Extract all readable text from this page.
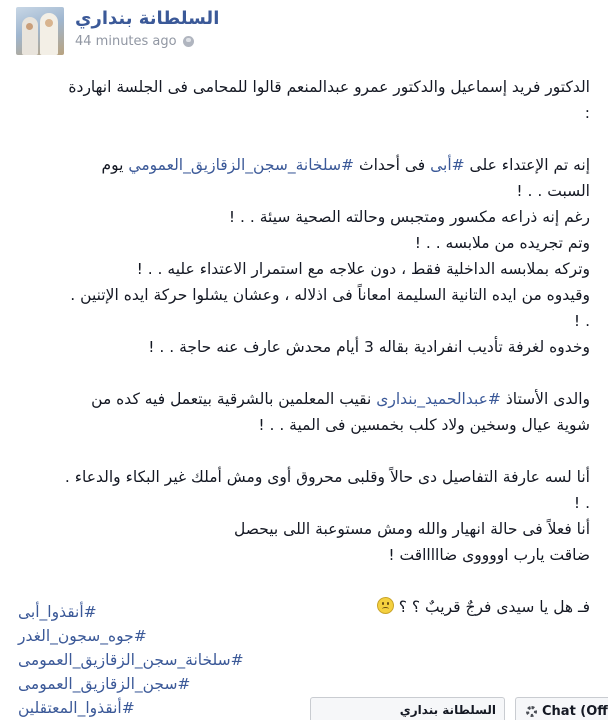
السلطانة بنداري
44 minutes ago
الدكتور فريد إسماعيل والدكتور عمرو عبدالمنعم قالوا للمحامى فى الجلسة انهاردة
:
إنه تم الإعتداء على #أبى فى أحداث #سلخانة_سجن_الزقازيق_العمومي يوم
السبت . . !
رغم إنه ذراعه مكسور ومتجبس وحالته الصحية سيئة . . !
وتم تجريده من ملابسه . . !
وتركه بملابسه الداخلية فقط ، دون علاجه مع استمرار الاعتداء عليه . . !
وقيدوه من ايده التانية السليمة امعاناً فى اذلاله ، وعشان يشلوا حركة ايده الإتنين .
. !
وخدوه لغرفة تأديب انفرادية بقاله 3 أيام محدش عارف عنه حاجة . . !
والدى الأستاذ #عبدالحميد_بندارى نقيب المعلمين بالشرقية بيتعمل فيه كده من
شوية عيال وسخين ولاد كلب بخمسين فى المية . . !
أنا لسه عارفة التفاصيل دى حالاً وقلبى محروق أوى ومش أملك غير البكاء والدعاء .
. !
أنا فعلاً فى حالة انهيار والله ومش مستوعبة اللى بيحصل
ضاقت يارب اووووى ضاااااقت !
فـ هل يا سيدى فرجٌ قريبٌ ؟ ؟
#أنقذوا_أبى
#جوه_سجون_الغدر
#سلخانة_سجن_الزقازيق_العمومى
#سجن_الزقازيق_العمومى
#أنقذوا_المعتقلين	السلطانة بنداري	Chat (Off
